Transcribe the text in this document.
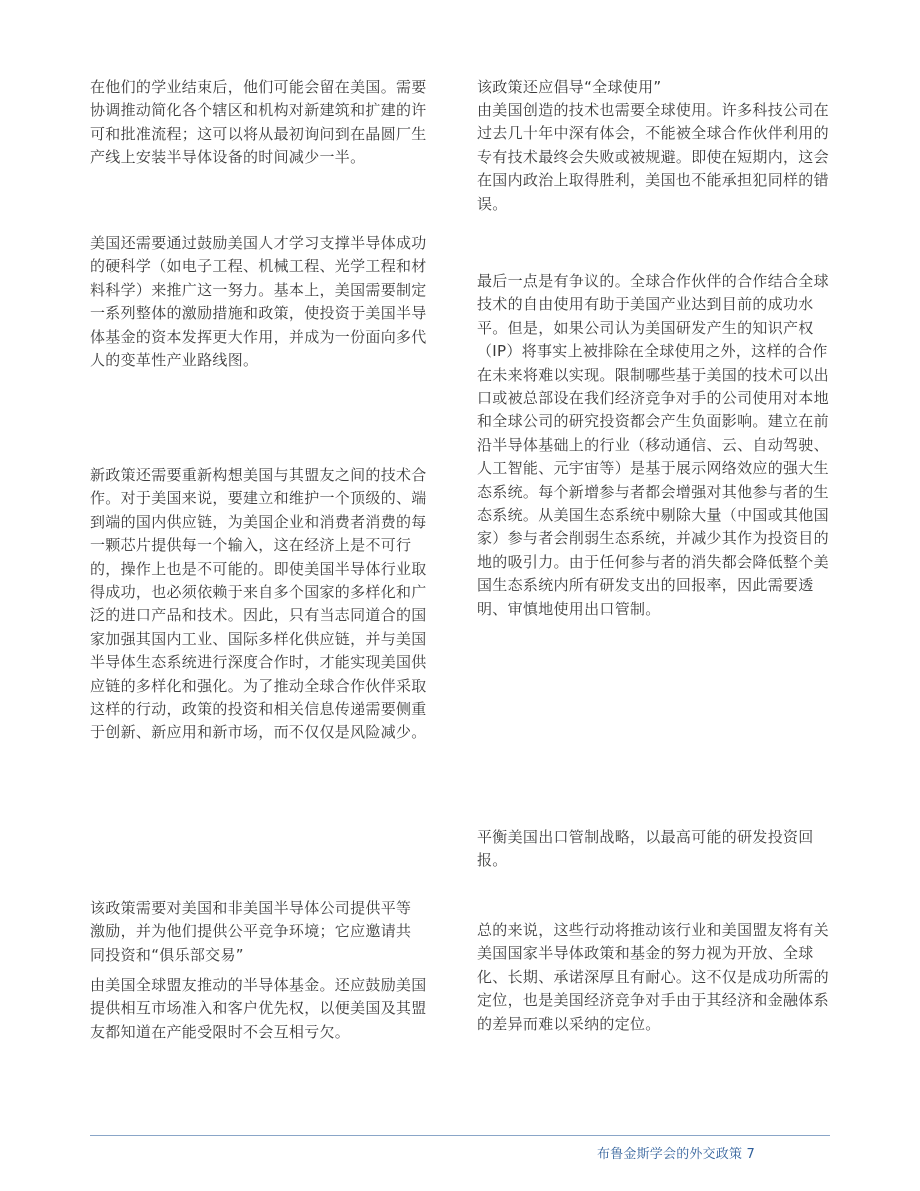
在他们的学业结束后，他们可能会留在美国。需要协调推动简化各个辖区和机构对新建筑和扩建的许可和批准流程；这可以将从最初询问到在晶圆厂生产线上安装半导体设备的时间减少一半。

美国还需要通过鼓励美国人才学习支撑半导体成功的硬科学（如电子工程、机械工程、光学工程和材料科学）来推广这一努力。基本上，美国需要制定一系列整体的激励措施和政策，使投资于美国半导体基金的资本发挥更大作用，并成为一份面向多代人的变革性产业路线图。

新政策还需要重新构想美国与其盟友之间的技术合作。对于美国来说，要建立和维护一个顶级的、端到端的国内供应链，为美国企业和消费者消费的每一颗芯片提供每一个输入，这在经济上是不可行的，操作上也是不可能的。即使美国半导体行业取得成功，也必须依赖于来自多个国家的多样化和广泛的进口产品和技术。因此，只有当志同道合的国家加强其国内工业、国际多样化供应链，并与美国半导体生态系统进行深度合作时，才能实现美国供应链的多样化和强化。为了推动全球合作伙伴采取这样的行动，政策的投资和相关信息传递需要侧重于创新、新应用和新市场，而不仅仅是风险减少。

该政策需要对美国和非美国半导体公司提供平等激励，并为他们提供公平竞争环境；它应邀请共同投资和“俱乐部交易”

由美国全球盟友推动的半导体基金。还应鼓励美国提供相互市场准入和客户优先权，以便美国及其盟友都知道在产能受限时不会互相亏欠。

该政策还应倡导“全球使用”

由美国创造的技术也需要全球使用。许多科技公司在过去几十年中深有体会，不能被全球合作伙伴利用的专有技术最终会失败或被规避。即使在短期内，这会在国内政治上取得胜利，美国也不能承担犯同样的错误。

最后一点是有争议的。全球合作伙伴的合作结合全球技术的自由使用有助于美国产业达到目前的成功水平。但是，如果公司认为美国研发产生的知识产权（IP）将事实上被排除在全球使用之外，这样的合作在未来将难以实现。限制哪些基于美国的技术可以出口或被总部设在我们经济竞争对手的公司使用对本地和全球公司的研究投资都会产生负面影响。建立在前沿半导体基础上的行业（移动通信、云、自动驾驶、人工智能、元宇宙等）是基于展示网络效应的强大生态系统。每个新增参与者都会增强对其他参与者的生态系统。从美国生态系统中剔除大量（中国或其他国家）参与者会削弱生态系统，并减少其作为投资目的地的吸引力。由于任何参与者的消失都会降低整个美国生态系统内所有研发支出的回报率，因此需要透明、审慎地使用出口管制。

平衡美国出口管制战略，以最高可能的研发投资回报。

总的来说，这些行动将推动该行业和美国盟友将有关美国国家半导体政策和基金的努力视为开放、全球化、长期、承诺深厚且有耐心。这不仅是成功所需的定位，也是美国经济竞争对手由于其经济和金融体系的差异而难以采纳的定位。

布鲁金斯学会的外交政策 7
